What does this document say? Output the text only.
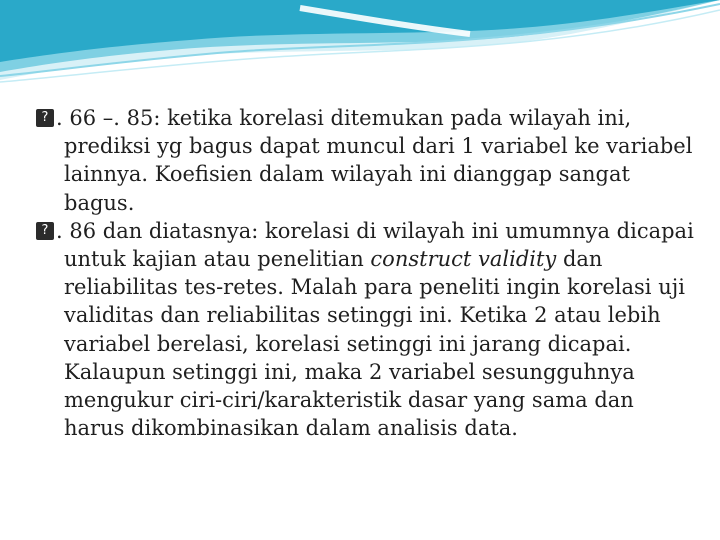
? . 66 –. 85: ketika korelasi ditemukan pada wilayah ini, prediksi yg bagus dapat muncul dari 1 variabel ke variabel lainnya. Koefisien dalam wilayah ini dianggap sangat bagus.

? . 86 dan diatasnya: korelasi di wilayah ini umumnya dicapai untuk kajian atau penelitian construct validity dan reliabilitas tes-retes. Malah para peneliti ingin korelasi uji validitas dan reliabilitas setinggi ini. Ketika 2 atau lebih variabel berelasi, korelasi setinggi ini jarang dicapai. Kalaupun setinggi ini, maka 2 variabel sesungguhnya mengukur ciri-ciri/karakteristik dasar yang sama dan harus dikombinasikan dalam analisis data.
